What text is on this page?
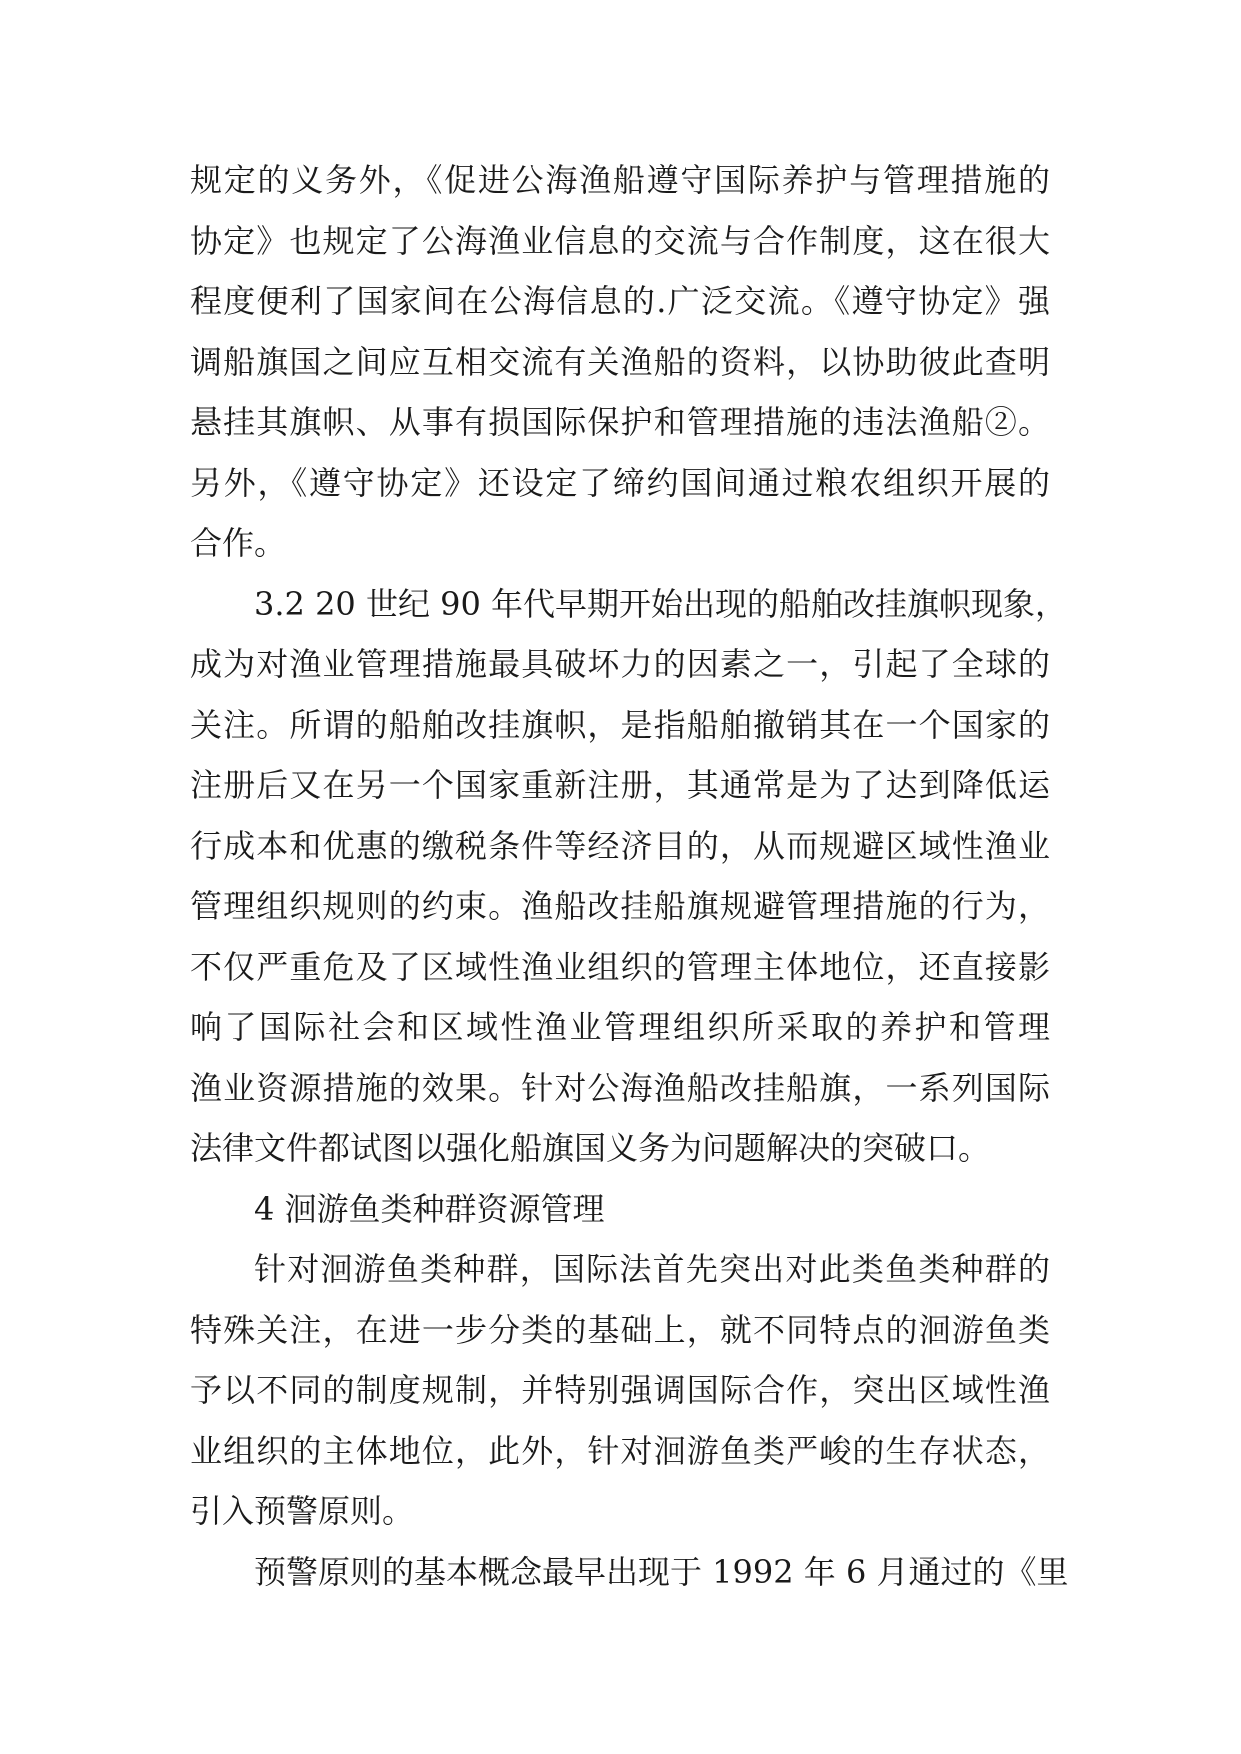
规定的义务外，《促进公海渔船遵守国际养护与管理措施的
协定》也规定了公海渔业信息的交流与合作制度，这在很大
程度便利了国家间在公海信息的.广泛交流。《遵守协定》强
调船旗国之间应互相交流有关渔船的资料，以协助彼此查明
悬挂其旗帜、从事有损国际保护和管理措施的违法渔船②。
另外，《遵守协定》还设定了缔约国间通过粮农组织开展的
合作。
3.2 20 世纪 90 年代早期开始出现的船舶改挂旗帜现象，
成为对渔业管理措施最具破坏力的因素之一，引起了全球的
关注。所谓的船舶改挂旗帜，是指船舶撤销其在一个国家的
注册后又在另一个国家重新注册，其通常是为了达到降低运
行成本和优惠的缴税条件等经济目的，从而规避区域性渔业
管理组织规则的约束。渔船改挂船旗规避管理措施的行为，
不仅严重危及了区域性渔业组织的管理主体地位，还直接影
响了国际社会和区域性渔业管理组织所采取的养护和管理
渔业资源措施的效果。针对公海渔船改挂船旗，一系列国际
法律文件都试图以强化船旗国义务为问题解决的突破口。
4 洄游鱼类种群资源管理
针对洄游鱼类种群，国际法首先突出对此类鱼类种群的
特殊关注，在进一步分类的基础上，就不同特点的洄游鱼类
予以不同的制度规制，并特别强调国际合作，突出区域性渔
业组织的主体地位，此外，针对洄游鱼类严峻的生存状态，
引入预警原则。
预警原则的基本概念最早出现于 1992 年 6 月通过的《里
